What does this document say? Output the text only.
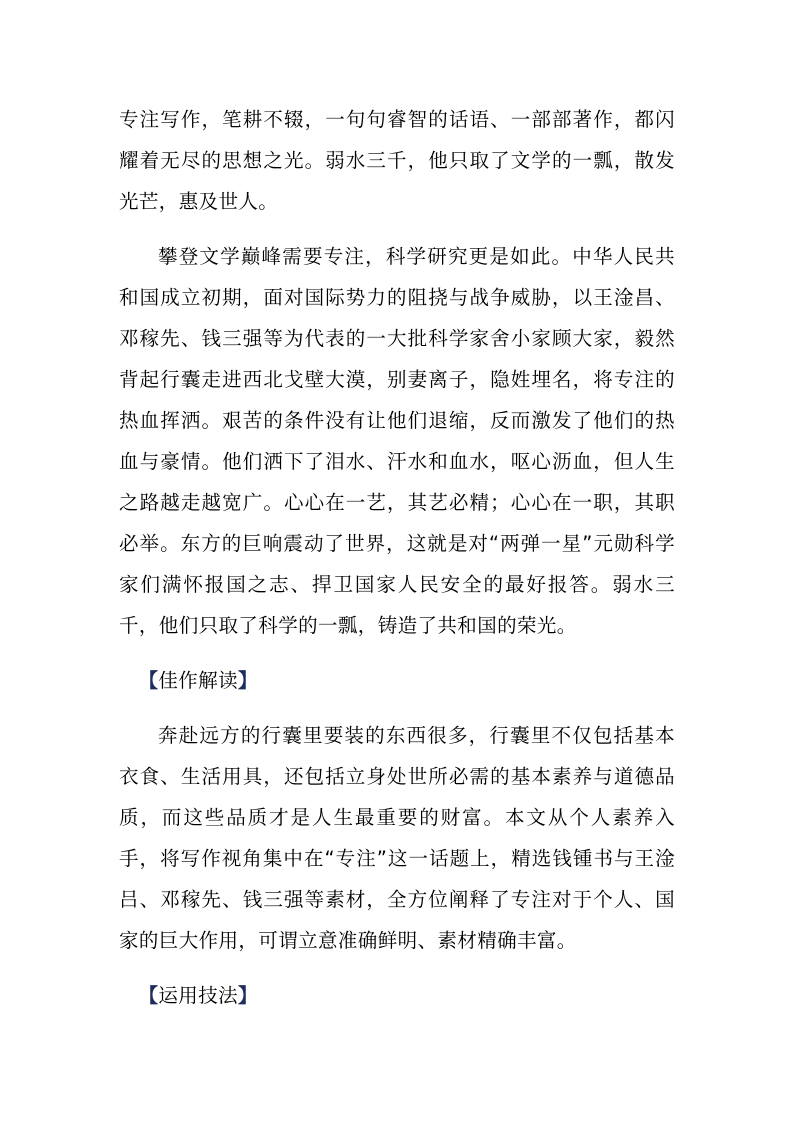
专注写作，笔耕不辍，一句句睿智的话语、一部部著作，都闪耀着无尽的思想之光。弱水三千，他只取了文学的一瓢，散发光芒，惠及世人。

攀登文学巅峰需要专注，科学研究更是如此。中华人民共和国成立初期，面对国际势力的阻挠与战争威胁，以王淦昌、邓稼先、钱三强等为代表的一大批科学家舍小家顾大家，毅然背起行囊走进西北戈壁大漠，别妻离子，隐姓埋名，将专注的热血挥洒。艰苦的条件没有让他们退缩，反而激发了他们的热血与豪情。他们洒下了泪水、汗水和血水，呕心沥血，但人生之路越走越宽广。心心在一艺，其艺必精；心心在一职，其职必举。东方的巨响震动了世界，这就是对“两弹一星”元勋科学家们满怀报国之志、捍卫国家人民安全的最好报答。弱水三千，他们只取了科学的一瓢，铸造了共和国的荣光。

【佳作解读】

奔赴远方的行囊里要装的东西很多，行囊里不仅包括基本衣食、生活用具，还包括立身处世所必需的基本素养与道德品质，而这些品质才是人生最重要的财富。本文从个人素养入手，将写作视角集中在“专注”这一话题上，精选钱锺书与王淦吕、邓稼先、钱三强等素材，全方位阐释了专注对于个人、国家的巨大作用，可谓立意准确鲜明、素材精确丰富。

【运用技法】
